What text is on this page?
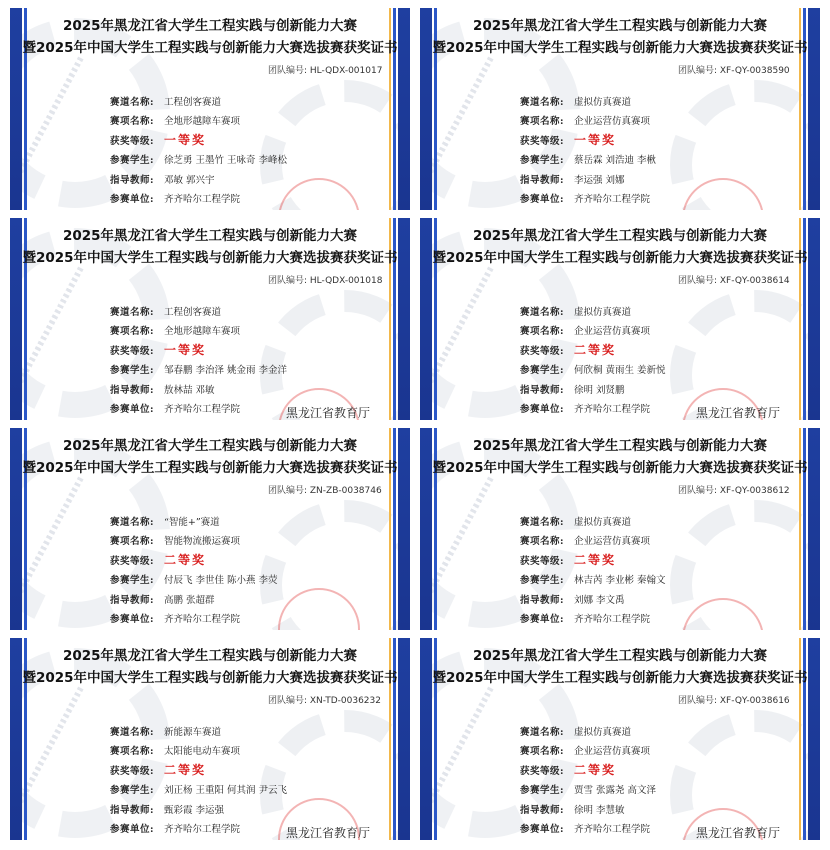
2025年黑龙江省大学生工程实践与创新能力大赛
暨2025年中国大学生工程实践与创新能力大赛选拔赛获奖证书
团队编号: HL-QDX-001017
赛道名称:	工程创客赛道
赛项名称:	全地形越障车赛项
获奖等级: 一等奖
参赛学生:	徐芝勇 王墨竹 王咏奇 李峰松
指导教师:	邓敏 郭兴宇
参赛单位:	齐齐哈尔工程学院
2025年黑龙江省大学生工程实践与创新能力大赛
暨2025年中国大学生工程实践与创新能力大赛选拔赛获奖证书
团队编号: XF-QY-0038590
赛道名称:	虚拟仿真赛道
赛项名称:	企业运营仿真赛项
获奖等级: 一等奖
参赛学生:	蔡岳霖 刘浩迪 李楸
指导教师:	李运强 刘娜
参赛单位:	齐齐哈尔工程学院
2025年黑龙江省大学生工程实践与创新能力大赛
暨2025年中国大学生工程实践与创新能力大赛选拔赛获奖证书
团队编号: HL-QDX-001018
赛道名称:	工程创客赛道
赛项名称:	全地形越障车赛项
获奖等级: 一等奖
参赛学生:	邹春鹏 李治泽 姚金雨 李金洋
指导教师:	敖林喆 邓敏
参赛单位:	齐齐哈尔工程学院	黑龙江省教育厅
2025年黑龙江省大学生工程实践与创新能力大赛
暨2025年中国大学生工程实践与创新能力大赛选拔赛获奖证书
团队编号: XF-QY-0038614
赛道名称:	虚拟仿真赛道
赛项名称:	企业运营仿真赛项
获奖等级: 二等奖
参赛学生:	何欣桐 黄雨生 姜新悦
指导教师:	徐明 刘贤鹏
参赛单位:	齐齐哈尔工程学院	黑龙江省教育厅
2025年黑龙江省大学生工程实践与创新能力大赛
暨2025年中国大学生工程实践与创新能力大赛选拔赛获奖证书
团队编号: ZN-ZB-0038746
赛道名称:	“智能+”赛道
赛项名称:	智能物流搬运赛项
获奖等级: 二等奖
参赛学生:	付辰飞 李世佳 陈小燕 李荧
指导教师:	高鹏 张超群
参赛单位:	齐齐哈尔工程学院
2025年黑龙江省大学生工程实践与创新能力大赛
暨2025年中国大学生工程实践与创新能力大赛选拔赛获奖证书
团队编号: XF-QY-0038612
赛道名称:	虚拟仿真赛道
赛项名称:	企业运营仿真赛项
获奖等级: 二等奖
参赛学生:	林吉芮 李业彬 秦翰文
指导教师:	刘娜 李文禹
参赛单位:	齐齐哈尔工程学院
2025年黑龙江省大学生工程实践与创新能力大赛
暨2025年中国大学生工程实践与创新能力大赛选拔赛获奖证书
团队编号: XN-TD-0036232
赛道名称:	新能源车赛道
赛项名称:	太阳能电动车赛项
获奖等级: 二等奖
参赛学生:	刘正杨 王重阳 何其润 尹云飞
指导教师:	甄彩霞 李运强
参赛单位:	齐齐哈尔工程学院	黑龙江省教育厅
2025年黑龙江省大学生工程实践与创新能力大赛
暨2025年中国大学生工程实践与创新能力大赛选拔赛获奖证书
团队编号: XF-QY-0038616
赛道名称:	虚拟仿真赛道
赛项名称:	企业运营仿真赛项
获奖等级: 二等奖
参赛学生:	贾雪 张露尧 高文泽
指导教师:	徐明 李慧敏
参赛单位:	齐齐哈尔工程学院	黑龙江省教育厅
